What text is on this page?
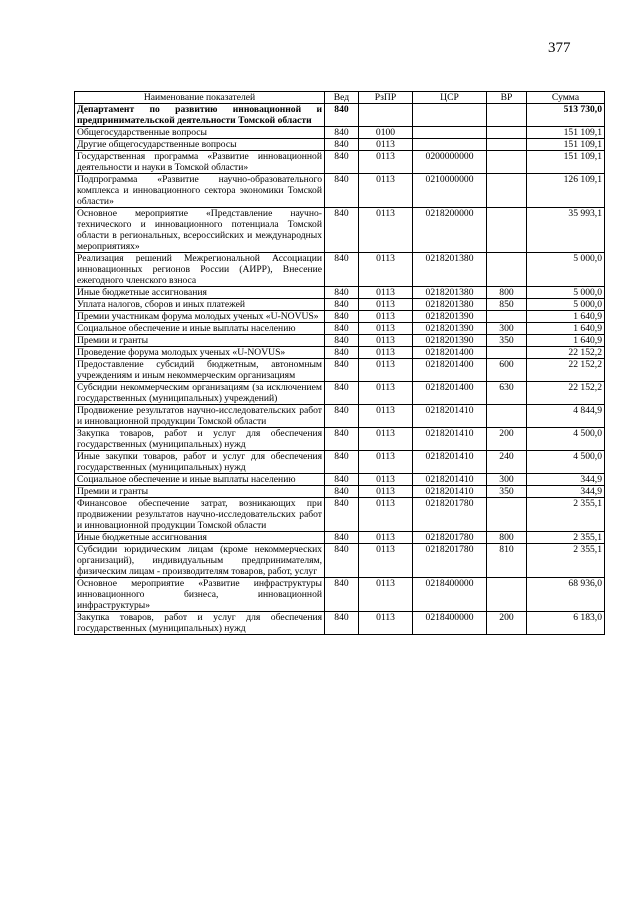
377
Наименование показателей	Вед	РзПР	ЦСР	ВР	Сумма
Департамент по развитию инновационной и предпринимательской деятельности Томской области	840				513 730,0
Общегосударственные вопросы	840	0100			151 109,1
Другие общегосударственные вопросы	840	0113			151 109,1
Государственная программа «Развитие инновационной деятельности и науки в Томской области»	840	0113	0200000000		151 109,1
Подпрограмма «Развитие научно-образовательного комплекса и инновационного сектора экономики Томской области»	840	0113	0210000000		126 109,1
Основное мероприятие «Представление научно-технического и инновационного потенциала Томской области в региональных, всероссийских и международных мероприятиях»	840	0113	0218200000		35 993,1
Реализация решений Межрегиональной Ассоциации инновационных регионов России (АИРР), Внесение ежегодного членского взноса	840	0113	0218201380		5 000,0
Иные бюджетные ассигнования	840	0113	0218201380	800	5 000,0
Уплата налогов, сборов и иных платежей	840	0113	0218201380	850	5 000,0
Премии участникам форума молодых ученых «U-NOVUS»	840	0113	0218201390		1 640,9
Социальное обеспечение и иные выплаты населению	840	0113	0218201390	300	1 640,9
Премии и гранты	840	0113	0218201390	350	1 640,9
Проведение форума молодых ученых «U-NOVUS»	840	0113	0218201400		22 152,2
Предоставление субсидий бюджетным, автономным учреждениям и иным некоммерческим организациям	840	0113	0218201400	600	22 152,2
Субсидии некоммерческим организациям (за исключением государственных (муниципальных) учреждений)	840	0113	0218201400	630	22 152,2
Продвижение результатов научно-исследовательских работ и инновационной продукции Томской области	840	0113	0218201410		4 844,9
Закупка товаров, работ и услуг для обеспечения государственных (муниципальных) нужд	840	0113	0218201410	200	4 500,0
Иные закупки товаров, работ и услуг для обеспечения государственных (муниципальных) нужд	840	0113	0218201410	240	4 500,0
Социальное обеспечение и иные выплаты населению	840	0113	0218201410	300	344,9
Премии и гранты	840	0113	0218201410	350	344,9
Финансовое обеспечение затрат, возникающих при продвижении результатов научно-исследовательских работ и инновационной продукции Томской области	840	0113	0218201780		2 355,1
Иные бюджетные ассигнования	840	0113	0218201780	800	2 355,1
Субсидии юридическим лицам (кроме некоммерческих организаций), индивидуальным предпринимателям, физическим лицам - производителям товаров, работ, услуг	840	0113	0218201780	810	2 355,1
Основное мероприятие «Развитие инфраструктуры инновационного бизнеса, инновационной инфраструктуры»	840	0113	0218400000		68 936,0
Закупка товаров, работ и услуг для обеспечения государственных (муниципальных) нужд	840	0113	0218400000	200	6 183,0
